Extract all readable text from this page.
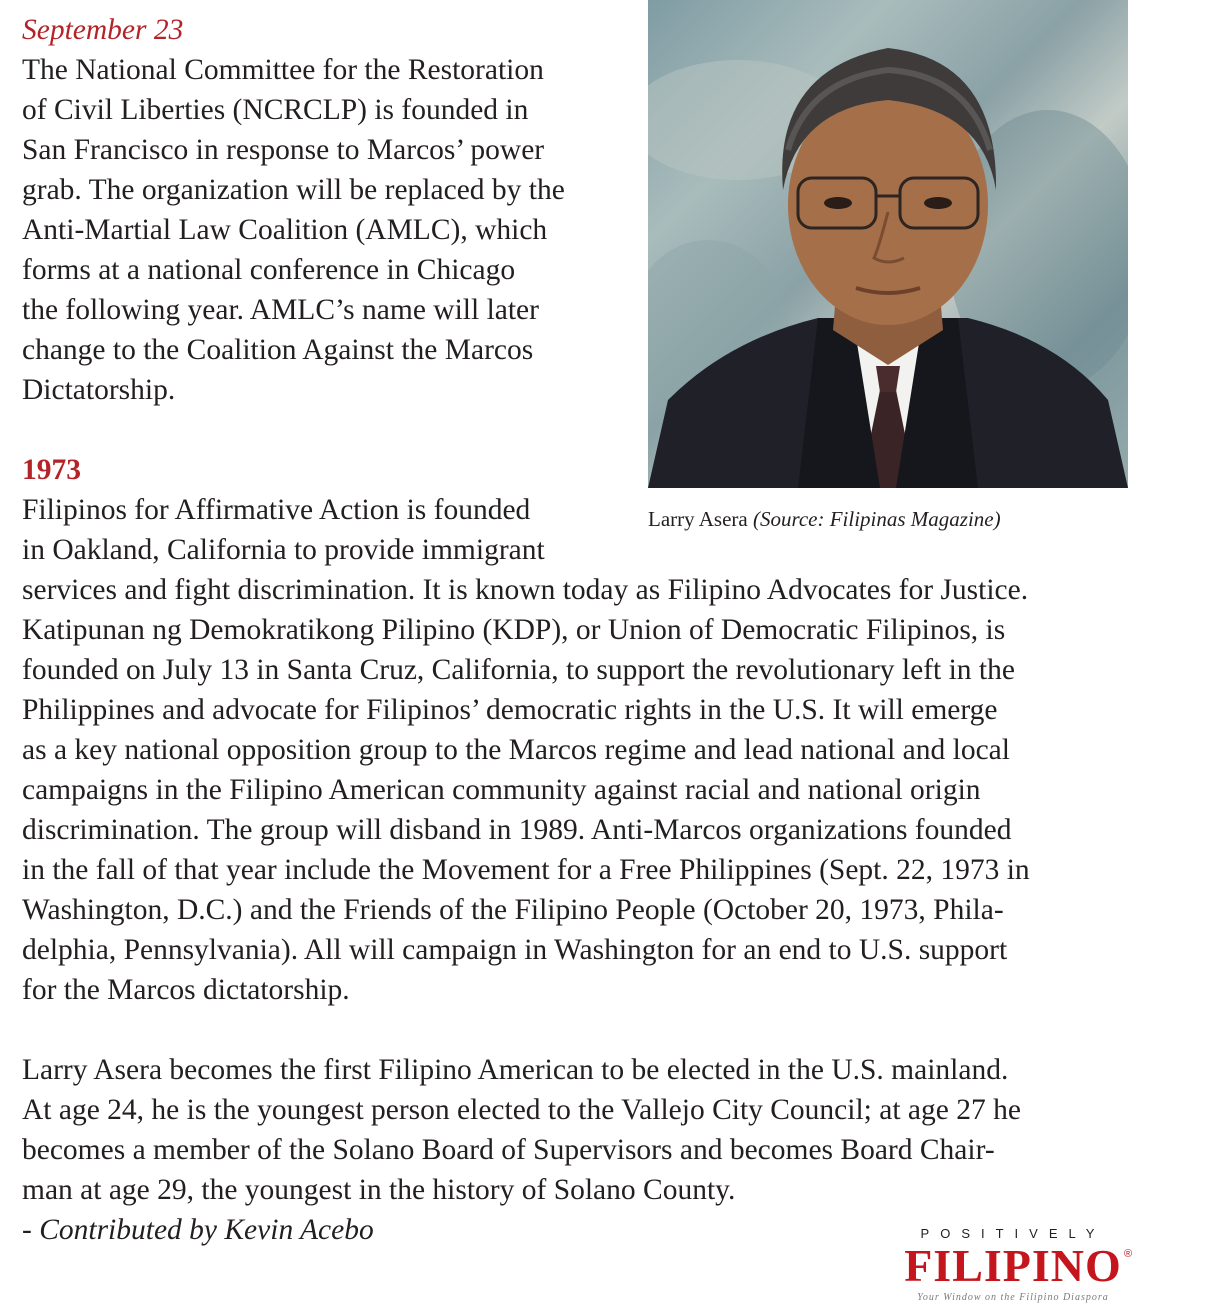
September 23
The National Committee for the Restoration
of Civil Liberties (NCRCLP) is founded in
San Francisco in response to Marcos’ power
grab. The organization will be replaced by the
Anti-Martial Law Coalition (AMLC), which
forms at a national conference in Chicago
the following year. AMLC’s name will later
change to the Coalition Against the Marcos
Dictatorship.
1973
Filipinos for Affirmative Action is founded
in Oakland, California to provide immigrant
services and fight discrimination. It is known today as Filipino Advocates for Justice.
Katipunan ng Demokratikong Pilipino (KDP), or Union of Democratic Filipinos, is
founded on July 13 in Santa Cruz, California, to support the revolutionary left in the
Philippines and advocate for Filipinos’ democratic rights in the U.S. It will emerge
as a key national opposition group to the Marcos regime and lead national and local
campaigns in the Filipino American community against racial and national origin
discrimination. The group will disband in 1989. Anti-Marcos organizations founded
in the fall of that year include the Movement for a Free Philippines (Sept. 22, 1973 in
Washington, D.C.) and the Friends of the Filipino People (October 20, 1973, Phila-
delphia, Pennsylvania). All will campaign in Washington for an end to U.S. support
for the Marcos dictatorship.
Larry Asera becomes the first Filipino American to be elected in the U.S. mainland.
At age 24, he is the youngest person elected to the Vallejo City Council; at age 27 he
becomes a member of the Solano Board of Supervisors and becomes Board Chair-
man at age 29, the youngest in the history of Solano County.
- Contributed by Kevin Acebo
Larry Asera (Source: Filipinas Magazine)
POSITIVELY
FILIPINO ®
Your Window on the Filipino Diaspora
